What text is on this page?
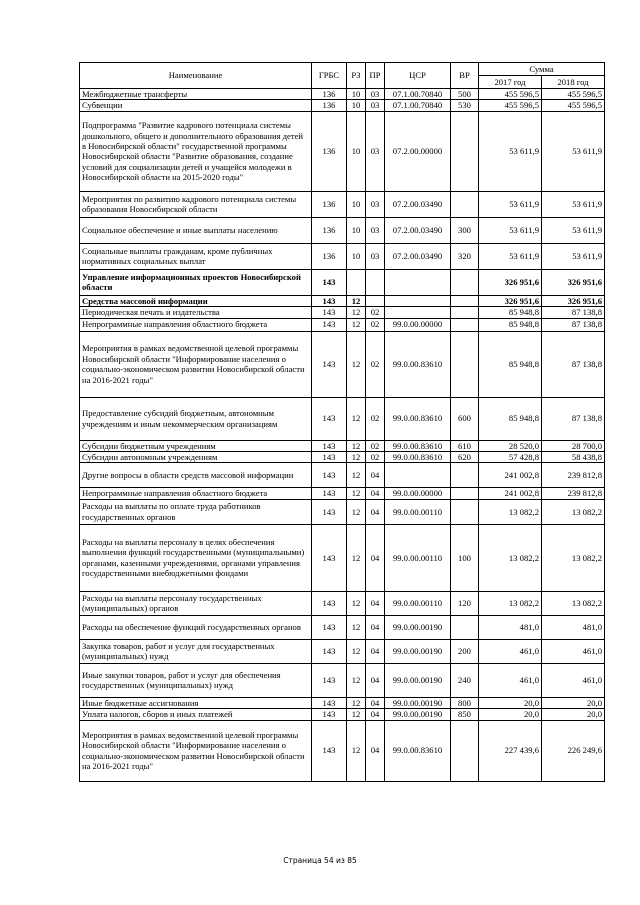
Наименование	ГРБС	РЗ	ПР	ЦСР	ВР	Сумма	
						2017 год	2018 год
Межбюджетные трансферты	136	10	03	07.1.00.70840	500	455 596,5	455 596,5
Субвенции	136	10	03	07.1.00.70840	530	455 596,5	455 596,5
Подпрограмма "Развитие кадрового потенциала системы дошкольного, общего и дополнительного образования детей в Новосибирской области" государственной программы Новосибирской области "Развитие образования, создание условий для социализации детей и учащейся молодежи в Новосибирской области на 2015-2020 годы"	136	10	03	07.2.00.00000		53 611,9	53 611,9
Мероприятия по развитию кадрового потенциала системы образования Новосибирской области	136	10	03	07.2.00.03490		53 611,9	53 611,9
Социальное обеспечение и иные выплаты населению	136	10	03	07.2.00.03490	300	53 611,9	53 611,9
Социальные выплаты гражданам, кроме публичных нормативных социальных выплат	136	10	03	07.2.00.03490	320	53 611,9	53 611,9
Управление информационных проектов Новосибирской области	143					326 951,6	326 951,6
Средства массовой информации	143	12				326 951,6	326 951,6
Периодическая печать и издательства	143	12	02			85 948,8	87 138,8
Непрограммные направления областного бюджета	143	12	02	99.0.00.00000		85 948,8	87 138,8
Мероприятия в рамках ведомственной целевой программы Новосибирской области "Информирование населения о социально-экономическом развитии Новосибирской области на 2016-2021 годы"	143	12	02	99.0.00.83610		85 948,8	87 138,8
Предоставление субсидий бюджетным, автономным учреждениям и иным некоммерческим организациям	143	12	02	99.0.00.83610	600	85 948,8	87 138,8
Субсидии бюджетным учреждениям	143	12	02	99.0.00.83610	610	28 520,0	28 700,0
Субсидии автономным учреждениям	143	12	02	99.0.00.83610	620	57 428,8	58 438,8
Другие вопросы в области средств массовой информации	143	12	04			241 002,8	239 812,8
Непрограммные направления областного бюджета	143	12	04	99.0.00.00000		241 002,8	239 812,8
Расходы на выплаты по оплате труда работников государственных органов	143	12	04	99.0.00.00110		13 082,2	13 082,2
Расходы на выплаты персоналу в целях обеспечения выполнения функций государственными (муниципальными) органами, казенными учреждениями, органами управления государственными внебюджетными фондами	143	12	04	99.0.00.00110	100	13 082,2	13 082,2
Расходы на выплаты персоналу государственных (муниципальных) органов	143	12	04	99.0.00.00110	120	13 082,2	13 082,2
Расходы на обеспечение функций государственных органов	143	12	04	99.0.00.00190		481,0	481,0
Закупка товаров, работ и услуг для государственных (муниципальных) нужд	143	12	04	99.0.00.00190	200	461,0	461,0
Иные закупки товаров, работ и услуг для обеспечения государственных (муниципальных) нужд	143	12	04	99.0.00.00190	240	461,0	461,0
Иные бюджетные ассигнования	143	12	04	99.0.00.00190	800	20,0	20,0
Уплата налогов, сборов и иных платежей	143	12	04	99.0.00.00190	850	20,0	20,0
Мероприятия в рамках ведомственной целевой программы Новосибирской области "Информирование населения о социально-экономическом развитии Новосибирской области на 2016-2021 годы"	143	12	04	99.0.00.83610		227 439,6	226 249,6
Страница 54 из 85
